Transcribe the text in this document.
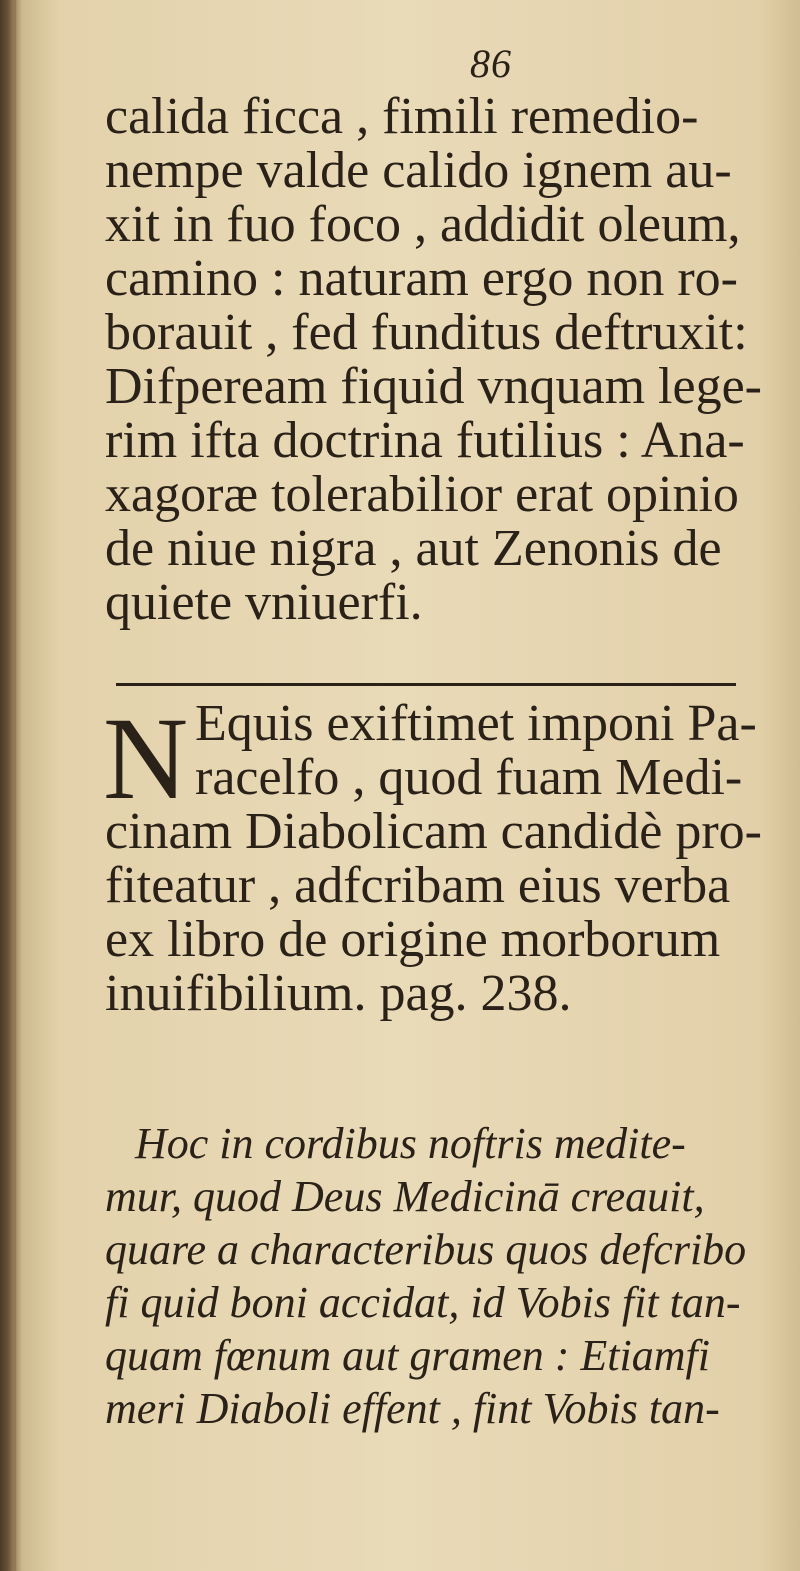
86
calida ficca , fimili remedio-
nempe valde calido ignem au-
xit in fuo foco , addidit oleum,
camino : naturam ergo non ro-
borauit , fed funditus deftruxit:
Difpeream fiquid vnquam lege-
rim ifta doctrina futilius : Ana-
xagoræ tolerabilior erat opinio
de niue nigra , aut Zenonis de
quiete vniuerfi.
N Equis exiftimet imponi Pa-
racelfo , quod fuam Medi-
cinam Diabolicam candidè pro-
fiteatur , adfcribam eius verba
ex libro de origine morborum
inuifibilium. pag. 238.
Hoc in cordibus noftris medite-
mur, quod Deus Medicinā creauit,
quare a characteribus quos defcribo
fi quid boni accidat, id Vobis fit tan-
quam fœnum aut gramen : Etiamfi
meri Diaboli effent , fint Vobis tan-
